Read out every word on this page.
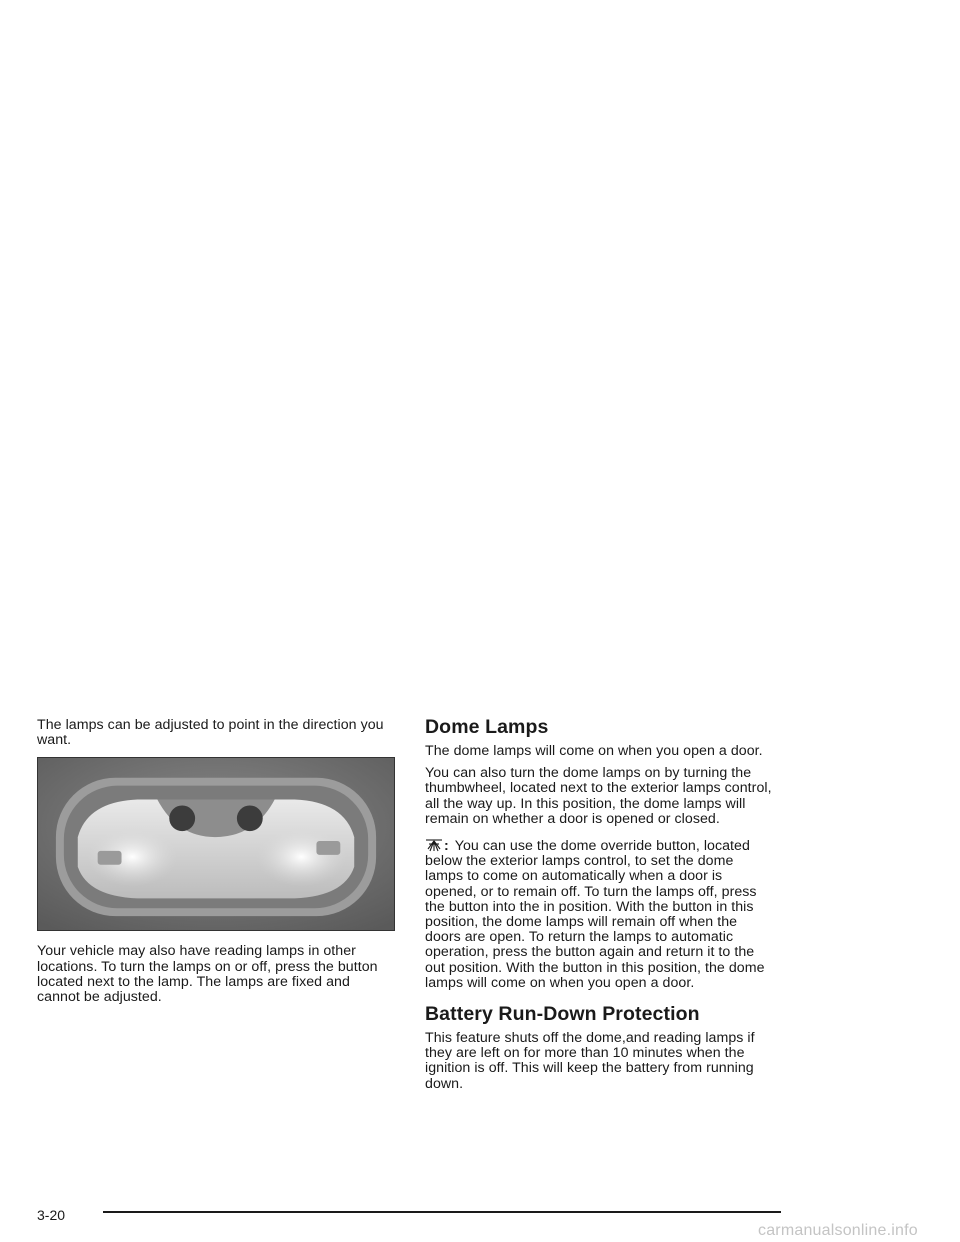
The lamps can be adjusted to point in the direction you want.

Your vehicle may also have reading lamps in other locations. To turn the lamps on or off, press the button located next to the lamp. The lamps are fixed and cannot be adjusted.

Dome Lamps

The dome lamps will come on when you open a door.

You can also turn the dome lamps on by turning the thumbwheel, located next to the exterior lamps control, all the way up. In this position, the dome lamps will remain on whether a door is opened or closed.

: You can use the dome override button, located below the exterior lamps control, to set the dome lamps to come on automatically when a door is opened, or to remain off. To turn the lamps off, press the button into the in position. With the button in this position, the dome lamps will remain off when the doors are open. To return the lamps to automatic operation, press the button again and return it to the out position. With the button in this position, the dome lamps will come on when you open a door.

Battery Run-Down Protection

This feature shuts off the dome,and reading lamps if they are left on for more than 10 minutes when the ignition is off. This will keep the battery from running down.

3-20
carmanualsonline.info
